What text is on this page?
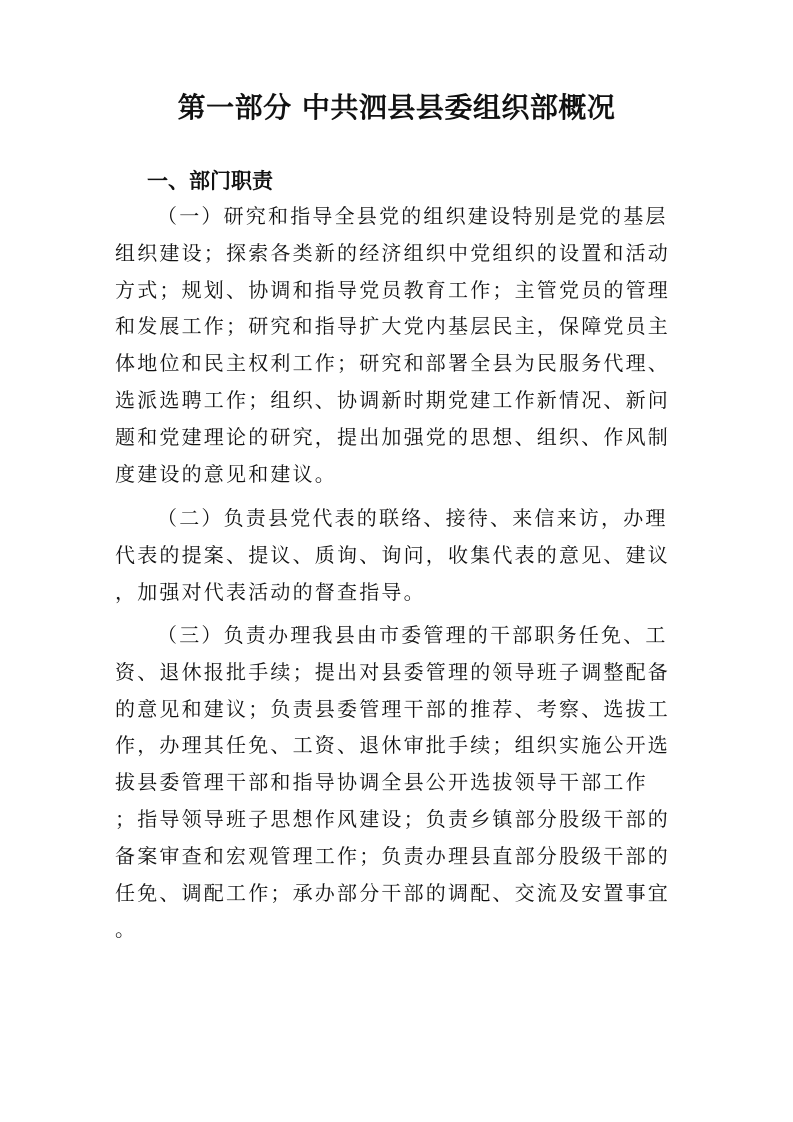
第一部分 中共泗县县委组织部概况
一、部门职责
（一）研究和指导全县党的组织建设特别是党的基层
组织建设；探索各类新的经济组织中党组织的设置和活动
方式；规划、协调和指导党员教育工作；主管党员的管理
和发展工作；研究和指导扩大党内基层民主，保障党员主
体地位和民主权利工作；研究和部署全县为民服务代理、
选派选聘工作；组织、协调新时期党建工作新情况、新问
题和党建理论的研究，提出加强党的思想、组织、作风制
度建设的意见和建议。
（二）负责县党代表的联络、接待、来信来访，办理
代表的提案、提议、质询、询问，收集代表的意见、建议
，加强对代表活动的督查指导。
（三）负责办理我县由市委管理的干部职务任免、工
资、退休报批手续；提出对县委管理的领导班子调整配备
的意见和建议；负责县委管理干部的推荐、考察、选拔工
作，办理其任免、工资、退休审批手续；组织实施公开选
拔县委管理干部和指导协调全县公开选拔领导干部工作
；指导领导班子思想作风建设；负责乡镇部分股级干部的
备案审查和宏观管理工作；负责办理县直部分股级干部的
任免、调配工作；承办部分干部的调配、交流及安置事宜
。
